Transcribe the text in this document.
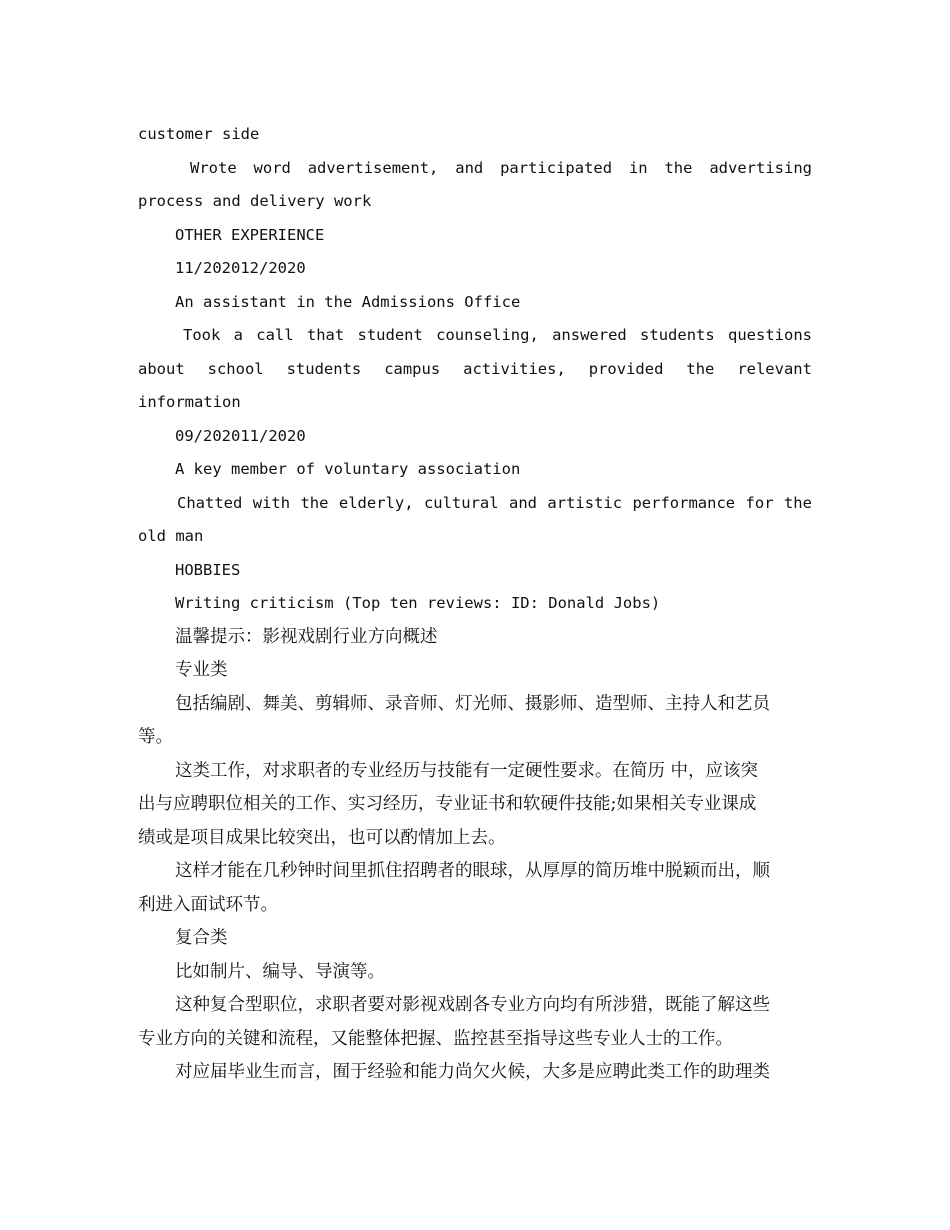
customer side
Wrote word advertisement, and participated in the advertising
process and delivery work
OTHER EXPERIENCE
11/202012/2020
An assistant in the Admissions Office
Took a call that student counseling, answered students questions
about school students campus activities, provided the relevant
information
09/202011/2020
A key member of voluntary association
Chatted with the elderly, cultural and artistic performance for the
old man
HOBBIES
Writing criticism (Top ten reviews: ID: Donald Jobs)
温馨提示：影视戏剧行业方向概述
专业类
包括编剧、舞美、剪辑师、录音师、灯光师、摄影师、造型师、主持人和艺员
等。
这类工作，对求职者的专业经历与技能有一定硬性要求。在简历 中，应该突
出与应聘职位相关的工作、实习经历，专业证书和软硬件技能;如果相关专业课成
绩或是项目成果比较突出，也可以酌情加上去。
这样才能在几秒钟时间里抓住招聘者的眼球，从厚厚的简历堆中脱颖而出，顺
利进入面试环节。
复合类
比如制片、编导、导演等。
这种复合型职位，求职者要对影视戏剧各专业方向均有所涉猎，既能了解这些
专业方向的关键和流程，又能整体把握、监控甚至指导这些专业人士的工作。
对应届毕业生而言，囿于经验和能力尚欠火候，大多是应聘此类工作的助理类
